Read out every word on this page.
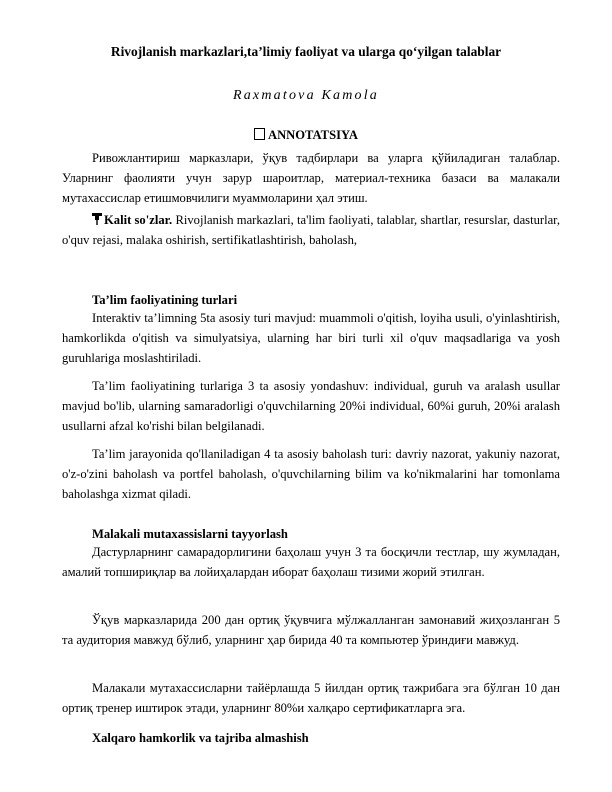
Rivojlanish markazlari,ta’limiy faoliyat va ularga qo‘yilgan talablar
Raxmatova Kamola
ANNOTATSIYA
Ривожлантириш марказлари, ўқув тадбирлари ва уларга қўйиладиган талаблар. Уларнинг фаолияти учун зарур шароитлар, материал-техника базаси ва малакали мутахассислар етишмовчилиги муаммоларини ҳал этиш.
Kalit so'zlar. Rivojlanish markazlari, ta'lim faoliyati, talablar, shartlar, resurslar, dasturlar, o'quv rejasi, malaka oshirish, sertifikatlashtirish, baholash,
Ta’lim faoliyatining turlari
Interaktiv ta’limning 5ta asosiy turi mavjud: muammoli o'qitish, loyiha usuli, o'yinlashtirish, hamkorlikda o'qitish va simulyatsiya, ularning har biri turli xil o'quv maqsadlariga va yosh guruhlariga moslashtiriladi.
Ta’lim faoliyatining turlariga 3 ta asosiy yondashuv: individual, guruh va aralash usullar mavjud bo'lib, ularning samaradorligi o'quvchilarning 20%i individual, 60%i guruh, 20%i aralash usullarni afzal ko'rishi bilan belgilanadi.
Ta’lim jarayonida qo'llaniladigan 4 ta asosiy baholash turi: davriy nazorat, yakuniy nazorat, o'z-o'zini baholash va portfel baholash, o'quvchilarning bilim va ko'nikmalarini har tomonlama baholashga xizmat qiladi.
Malakali mutaxassislarni tayyorlash
Дастурларнинг самарадорлигини баҳолаш учун 3 та босқичли тестлар, шу жумладан, амалий топшириқлар ва лойиҳалардан иборат баҳолаш тизими жорий этилган.
Ўқув марказларида 200 дан ортиқ ўқувчига мўлжалланган замонавий жиҳозланган 5 та аудитория мавжуд бўлиб, уларнинг ҳар бирида 40 та компьютер ўриндиғи мавжуд.
Малакали мутахассисларни тайёрлашда 5 йилдан ортиқ тажрибага эга бўлган 10 дан ортиқ тренер иштирок этади, уларнинг 80%и халқаро сертификатларга эга.
Xalqaro hamkorlik va tajriba almashish
